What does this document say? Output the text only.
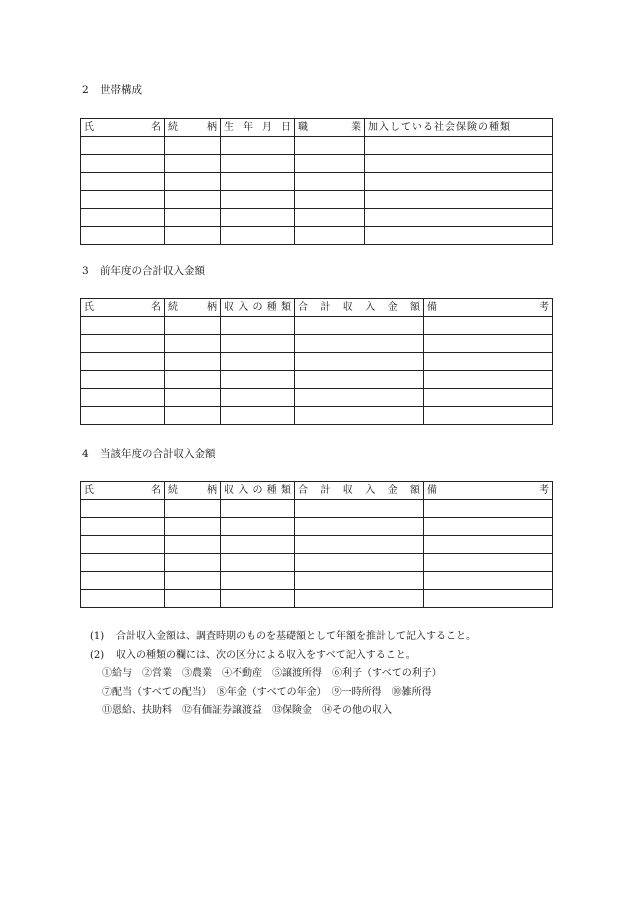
2 世帯構成
氏名	続柄	生年月日	職業	加入している社会保険の種類

3 前年度の合計収入金額
氏名	続柄	収入の種類	合計収入金額	備考

4 当該年度の合計収入金額
氏名	続柄	収入の種類	合計収入金額	備考

(1) 合計収入金額は、調査時期のものを基礎額として年額を推計して記入すること。
(2) 収入の種類の欄には、次の区分による収入をすべて記入すること。
①給与　②営業　③農業　④不動産　⑤譲渡所得　⑥利子（すべての利子）
⑦配当（すべての配当）　⑧年金（すべての年金）　⑨一時所得　⑩雑所得
⑪恩給、扶助料　⑫有価証券譲渡益　⑬保険金　⑭その他の収入
